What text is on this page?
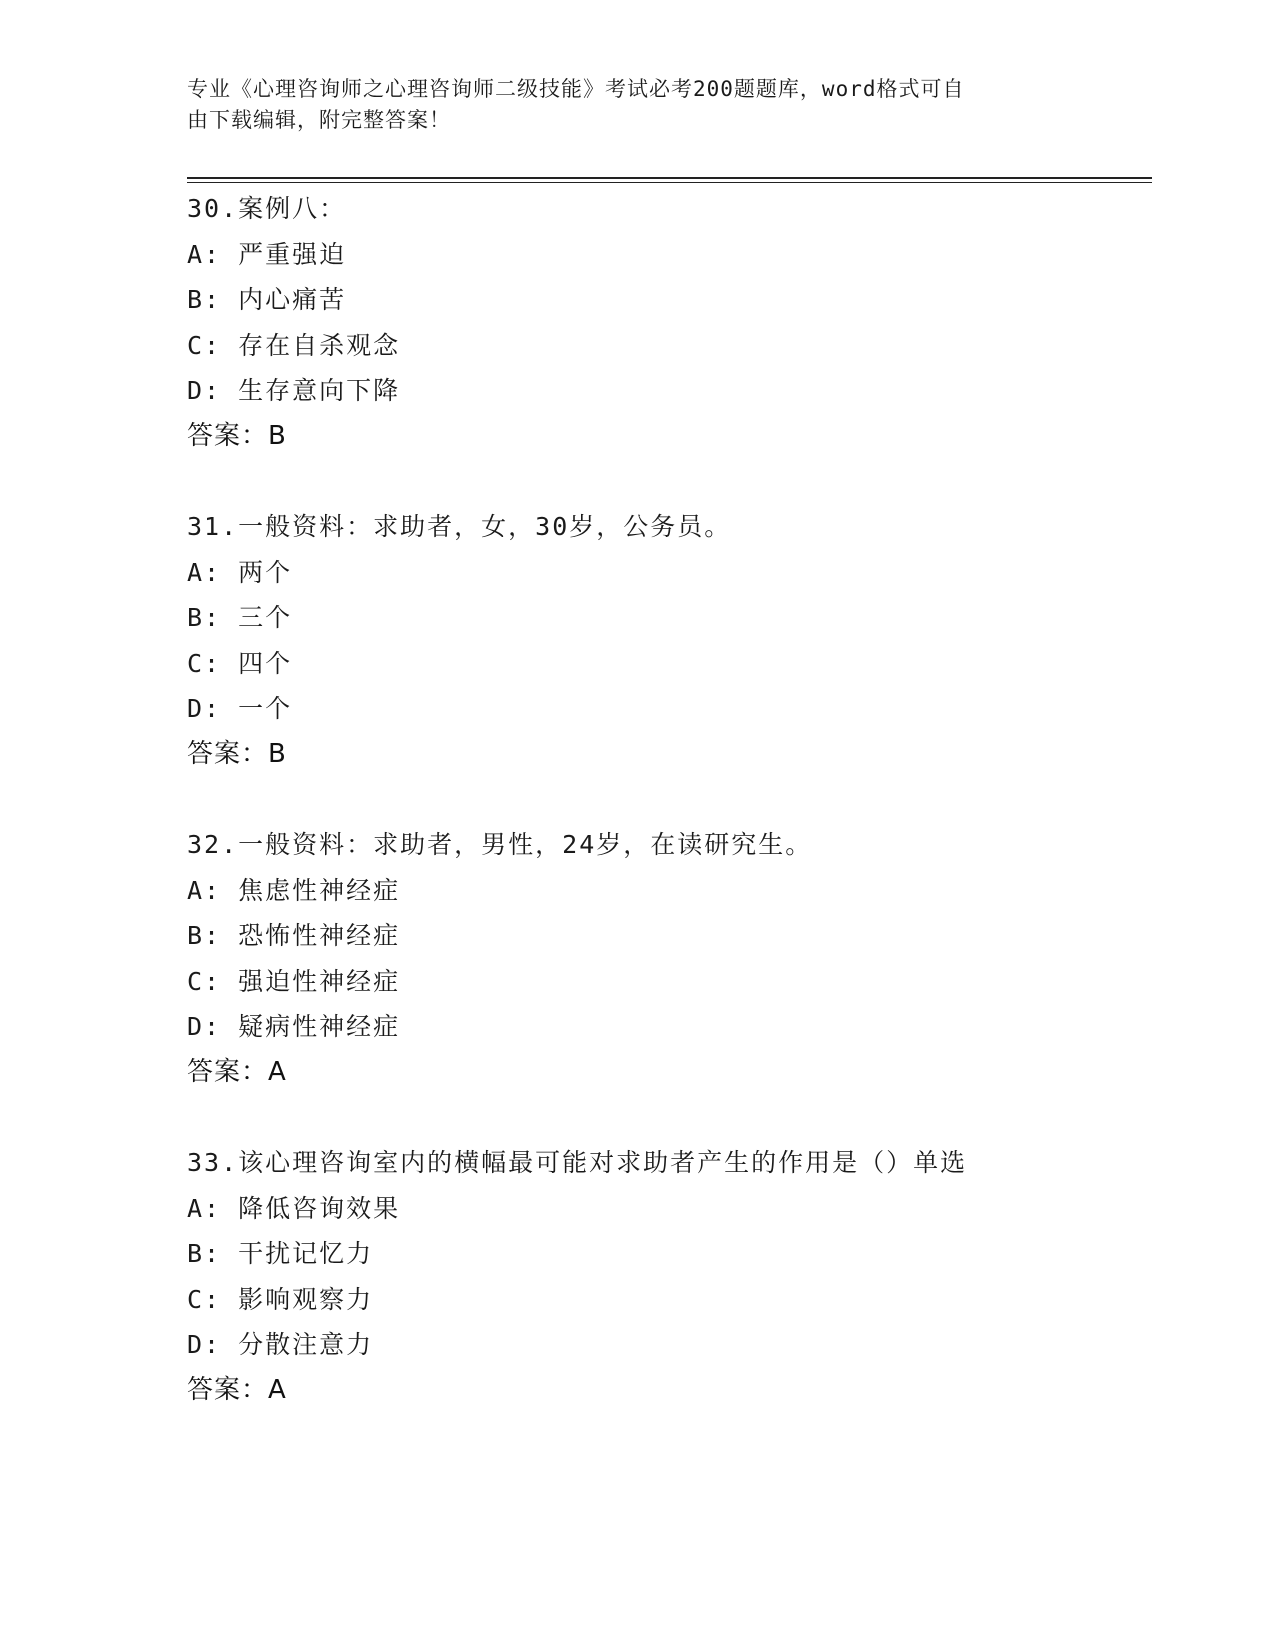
专业《心理咨询师之心理咨询师二级技能》考试必考200题题库，word格式可自
由下载编辑，附完整答案！
30.案例八：
A: 严重强迫
B: 内心痛苦
C: 存在自杀观念
D: 生存意向下降
答案：B
31.一般资料：求助者，女，30岁，公务员。
A: 两个
B: 三个
C: 四个
D: 一个
答案：B
32.一般资料：求助者，男性，24岁，在读研究生。
A: 焦虑性神经症
B: 恐怖性神经症
C: 强迫性神经症
D: 疑病性神经症
答案：A
33.该心理咨询室内的横幅最可能对求助者产生的作用是（）单选
A: 降低咨询效果
B: 干扰记忆力
C: 影响观察力
D: 分散注意力
答案：A
